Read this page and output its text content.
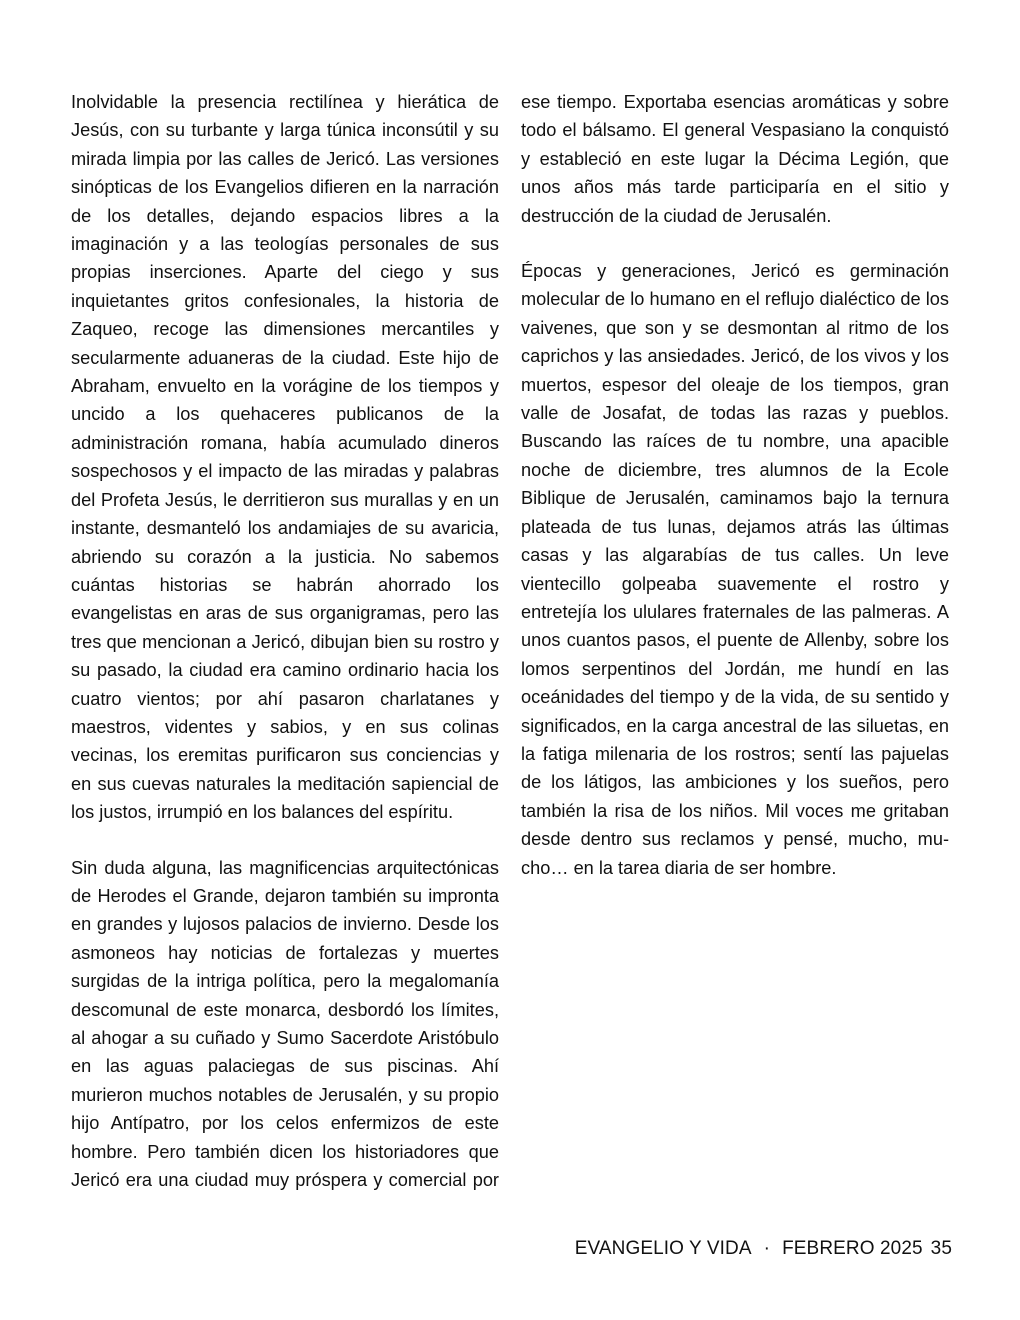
Inolvidable la presencia rectilínea y hierática de Jesús, con su turbante y larga túnica inconsútil y su mirada limpia por las calles de Jericó. Las versiones sinópticas de los Evangelios difieren en la narración de los detalles, dejando espacios libres a la imaginación y a las teologías personales de sus propias inserciones. Aparte del ciego y sus inquietantes gritos confesionales, la historia de Zaqueo, recoge las dimensiones mercantiles y secularmente aduaneras de la ciudad. Este hijo de Abraham, envuelto en la vorágine de los tiempos y uncido a los quehaceres publicanos de la administración romana, había acumulado dineros sospechosos y el impacto de las miradas y palabras del Profeta Jesús, le derritieron sus murallas y en un instante, desmanteló los andamiajes de su avaricia, abriendo su corazón a la justicia. No sabemos cuántas historias se habrán ahorrado los evangelistas en aras de sus organigramas, pero las tres que mencionan a Jericó, dibujan bien su rostro y su pasado, la ciudad era camino ordinario hacia los cuatro vientos; por ahí pasaron charlatanes y maestros, videntes y sabios, y en sus colinas vecinas, los eremitas purificaron sus conciencias y en sus cuevas naturales la meditación sapiencial de los justos, irrumpió en los balances del espíritu.

Sin duda alguna, las magnificencias arquitectónicas de Herodes el Grande, dejaron también su impronta en grandes y lujosos palacios de invierno. Desde los asmoneos hay noticias de fortalezas y muertes surgidas de la intriga política, pero la megalomanía descomunal de este monarca, desbordó los límites, al ahogar a su cuñado y Sumo Sacerdote Aristóbulo en las aguas palaciegas de sus piscinas. Ahí murieron muchos notables de Jerusalén, y su propio hijo Antípatro, por los celos enfermizos de este hombre. Pero también dicen los historiadores que Jericó era una ciudad muy próspera y comercial por

ese tiempo. Exportaba esencias aromáticas y sobre todo el bálsamo. El general Vespasiano la conquistó y estableció en este lugar la Décima Legión, que unos años más tarde participaría en el sitio y destrucción de la ciudad de Jerusalén.

Épocas y generaciones, Jericó es germinación molecular de lo humano en el reflujo dialéctico de los vaivenes, que son y se desmontan al ritmo de los caprichos y las ansiedades. Jericó, de los vivos y los muertos, espesor del oleaje de los tiempos, gran valle de Josafat, de todas las razas y pueblos. Buscando las raíces de tu nombre, una apacible noche de diciembre, tres alumnos de la Ecole Biblique de Jerusalén, caminamos bajo la ternura plateada de tus lunas, dejamos atrás las últimas casas y las algarabías de tus calles. Un leve vientecillo golpeaba suavemente el rostro y entretejía los ululares fraternales de las palmeras. A unos cuantos pasos, el puente de Allenby, sobre los lomos serpentinos del Jordán, me hundí en las oceánidades del tiempo y de la vida, de su sentido y significados, en la carga ancestral de las siluetas, en la fatiga milenaria de los rostros; sentí las pajuelas de los látigos, las ambiciones y los sueños, pero también la risa de los niños. Mil voces me gritaban desde dentro sus reclamos y pensé, mucho, mucho… en la tarea diaria de ser hombre.

EVANGELIO Y VIDA · FEBRERO 2025 35
